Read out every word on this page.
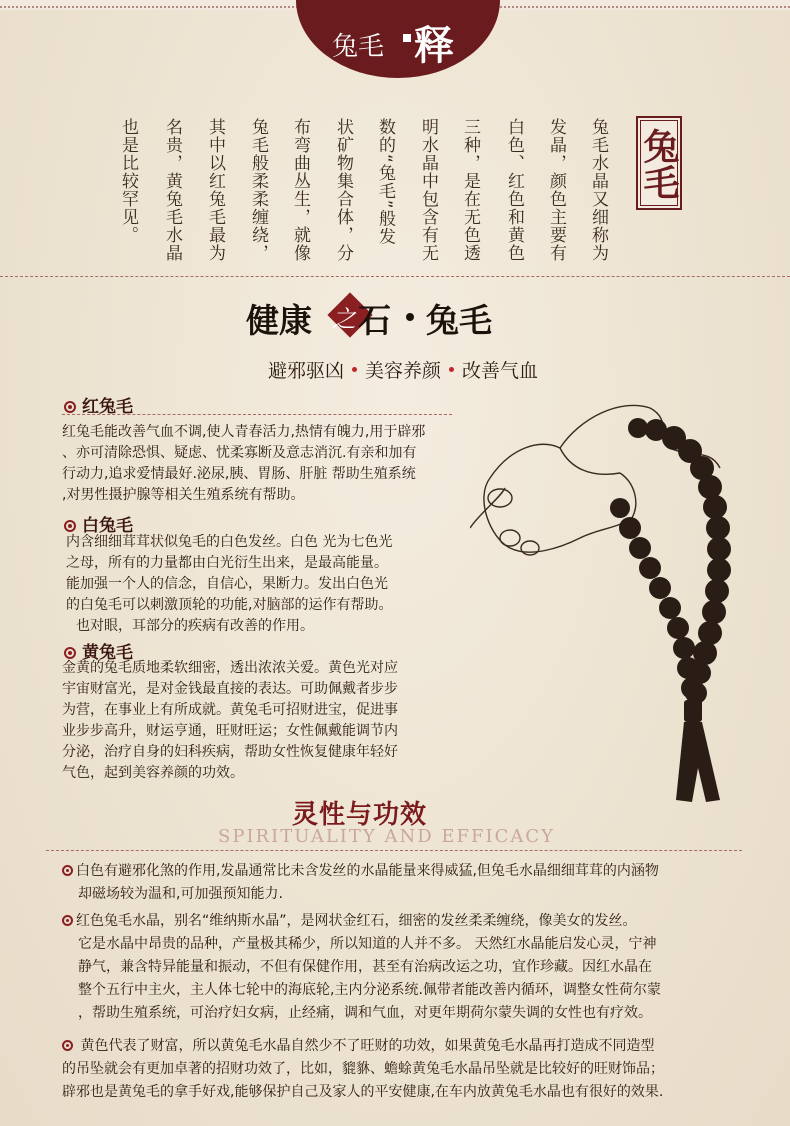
兔毛 释
兔毛
兔毛水晶又细称为
发晶，颜色主要有
白色、红色和黄色
三种，是在无色透
明水晶中包含有无
数的“兔毛”般发
状矿物集合体，分
布弯曲丛生，就像
兔毛般柔柔缠绕，
其中以红兔毛最为
名贵，黄兔毛水晶
也是比较罕见。
健康 之 石 兔毛
避邪驱凶 美容养颜 改善气血
红兔毛
红兔毛能改善气血不调,使人青春活力,热情有魄力,用于辟邪
、亦可清除恐惧、疑虑、忧柔寡断及意志消沉.有亲和加有
行动力,追求爱情最好.泌尿,胰、胃肠、肝脏 帮助生殖系统
,对男性摄护腺等相关生殖系统有帮助。
白兔毛
内含细细茸茸状似兔毛的白色发丝。白色 光为七色光
之母，所有的力量都由白光衍生出来，是最高能量。
能加强一个人的信念，自信心，果断力。发出白色光
的白兔毛可以刺激顶轮的功能,对脑部的运作有帮助。
也对眼，耳部分的疾病有改善的作用。
黄兔毛
金黄的兔毛质地柔软细密，透出浓浓关爱。黄色光对应
宇宙财富光，是对金钱最直接的表达。可助佩戴者步步
为营，在事业上有所成就。黄兔毛可招财进宝，促进事
业步步高升，财运亨通，旺财旺运；女性佩戴能调节内
分泌，治疗自身的妇科疾病，帮助女性恢复健康年轻好
气色，起到美容养颜的功效。
灵性与功效
SPIRITUALITY AND EFFICACY
白色有避邪化煞的作用,发晶通常比未含发丝的水晶能量来得威猛,但兔毛水晶细细茸茸的内涵物
却磁场较为温和,可加强预知能力.
红色兔毛水晶，别名“维纳斯水晶”，是网状金红石，细密的发丝柔柔缠绕，像美女的发丝。
它是水晶中昂贵的品种，产量极其稀少，所以知道的人并不多。 天然红水晶能启发心灵，宁神
静气，兼含特异能量和振动，不但有保健作用，甚至有治病改运之功，宜作珍藏。因红水晶在
整个五行中主火，主人体七轮中的海底轮,主内分泌系统.佩带者能改善内循环，调整女性荷尔蒙
，帮助生殖系统，可治疗妇女病，止经痛，调和气血，对更年期荷尔蒙失调的女性也有疗效。
黄色代表了财富，所以黄兔毛水晶自然少不了旺财的功效，如果黄兔毛水晶再打造成不同造型
的吊坠就会有更加卓著的招财功效了，比如，貔貅、蟾蜍黄兔毛水晶吊坠就是比较好的旺财饰品；
辟邪也是黄兔毛的拿手好戏,能够保护自己及家人的平安健康,在车内放黄兔毛水晶也有很好的效果.
